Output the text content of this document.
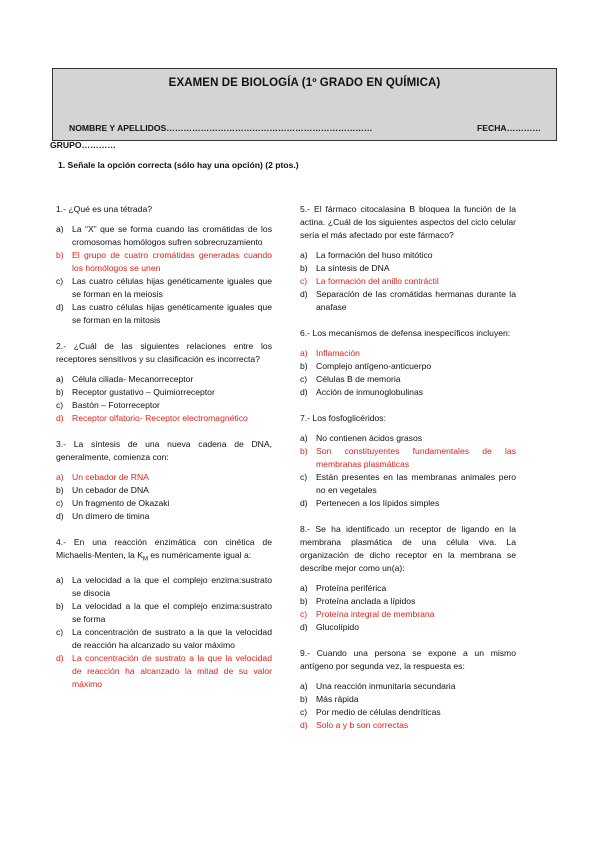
EXAMEN DE BIOLOGÍA (1º GRADO EN QUÍMICA)
NOMBRE Y APELLIDOS………………………………………………………………	FECHA…………
GRUPO…………
1. Señale la opción correcta (sólo hay una opción) (2 ptos.)
1.- ¿Qué es una tétrada?
a) La “X” que se forma cuando las cromátidas de los cromosomas homólogos sufren sobrecruzamiento
b) El grupo de cuatro cromátidas generadas cuando los homólogos se unen
c)	Las cuatro células hijas genéticamente iguales que se forman en la meiosis
d) Las cuatro células hijas genéticamente iguales que se forman en la mitosis
2.- ¿Cuál de las siguientes relaciones entre los receptores sensitivos y su clasificación es incorrecta?
a) Célula ciliada- Mecanorreceptor
b) Receptor gustativo – Quimiorreceptor
c)	Bastón – Fotorreceptor
d) Receptor olfatorio- Receptor electromagnético
3.- La síntesis de una nueva cadena de DNA, generalmente, comienza con:
a) Un cebador de RNA
b) Un cebador de DNA
c)	Un fragmento de Okazaki
d) Un dímero de timina
4.- En una reacción enzimática con cinética de Michaelis-Menten, la $K_M$ es numéricamente igual a:
a) La velocidad a la que el complejo enzima:sustrato se disocia
b) La velocidad a la que el complejo enzima:sustrato se forma
c)	La concentración de sustrato a la que la velocidad de reacción ha alcanzado su valor máximo
d) La concentración de sustrato a la que la velocidad de reacción ha alcanzado la mitad de su valor máximo
5.- El fármaco citocalasina B bloquea la función de la actina. ¿Cuál de los siguientes aspectos del ciclo celular sería el más afectado por este fármaco?
a) La formación del huso mitótico
b) La síntesis de DNA
c)	La formación del anillo contráctil
d) Separación de las cromátidas hermanas durante la anafase
6.- Los mecanismos de defensa inespecíficos incluyen:
a) Inflamación
b) Complejo antígeno-anticuerpo
c)	Células B de memoria
d) Acción de inmunoglobulinas
7.- Los fosfoglicéridos:
a) No contienen ácidos grasos
b) Son constituyentes fundamentales de las membranas plasmáticas
c)	Están presentes en las membranas animales pero no en vegetales
d) Pertenecen a los lípidos simples
8.- Se ha identificado un receptor de ligando en la membrana plasmática de una célula viva. La organización de dicho receptor en la membrana se describe mejor como un(a):
a) Proteína periférica
b) Proteína anclada a lípidos
c)	Proteína integral de membrana
d) Glucolípido
9.- Cuando una persona se expone a un mismo antígeno por segunda vez, la respuesta es:
a) Una reacción inmunitaria secundaria
b) Más rápida
c)	Por medio de células dendríticas
d) Solo a y b son correctas
